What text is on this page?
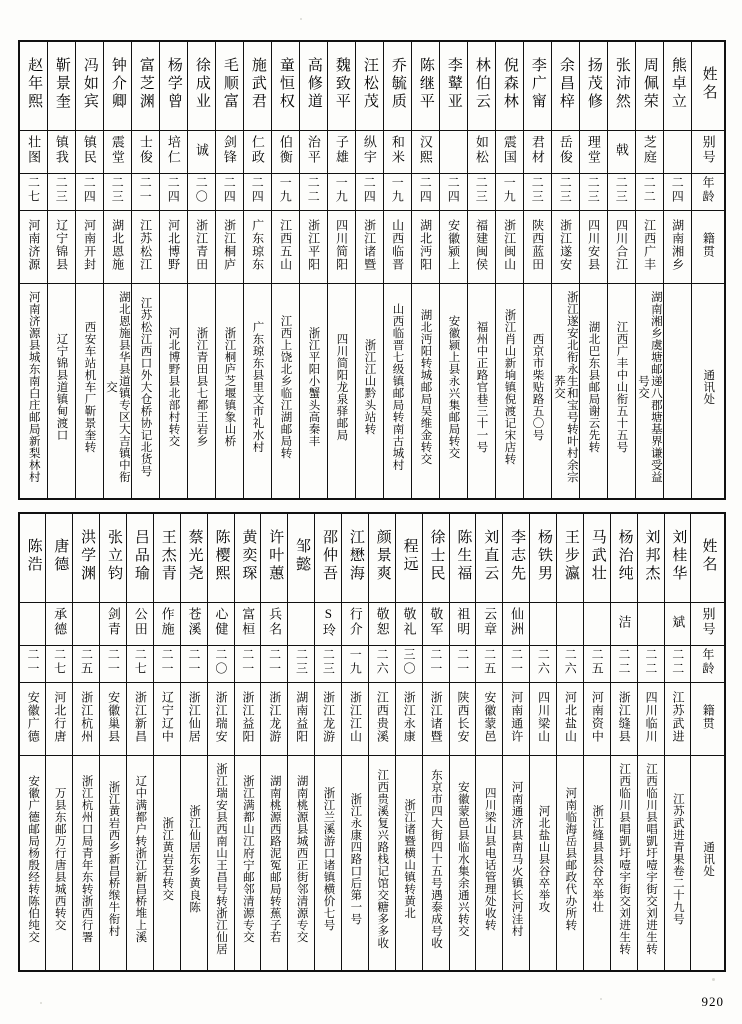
赵年熙	靳景奎	冯如宾	钟介卿	富芝渊	杨学曾	徐成业	毛顺富	施武君	童恒权	高修道	魏致平	汪松茂	乔毓质	陈继平	李鼙亚	林伯云	倪森林	李广甯	余昌梓	扬茂修	张沛然	周佩荣	熊卓立	姓名
壮图	镇我	镇民	震堂	士俊	培仁	诚	剑锋	仁政	伯衡	治平	子雄	纵宇	和米	汉熙		如松	震国	君材	岳俊	理堂	戟	芝庭		别号
二七	二三	二四	二三	二一	二四	二〇	二四	二四	一九	二二	一九	二四	一九	二四	二四	二三	一九	二三	二三	二三	二三	二二	二四	年龄
河南济源	辽宁锦县	河南开封	湖北恩施	江苏松江	河北博野	浙江青田	浙江桐庐	广东琼东	江西五山	浙江平阳	四川简阳	浙江诸暨	山西临晋	湖北沔阳	安徽颍上	福建闽侯	浙江闽山	陕西蓝田	浙江遂安	四川安县	四川合江	江西广丰	湖南湘乡	籍贯
河南济源县城东南白庄邮局新梨林村	辽宁锦县道镇甸渡口	西安车站机车厂靳景奎转	湖北恩施县华县道镇专区大吉镇中衔交	江苏松江西口外大仓桥协记北货号	河北博野县北部村转交	浙江青田县七都王岩乡	浙江桐庐芝堰镇象山桥	广东琼东县里文市礼水村	江西上饶北乡临江湖邮局转	浙江平阳小蟹头高秦丰	四川简阳龙泉驿邮局	浙江江山黔头站转	山西临晋七级镇邮局转南古城村	湖北沔阳转城邮局吴维金转交	安徽颍上县永兴集邮局转交	福州中正路官巷三十一号	浙江肖山新垧镇倪渡记宋店转	西京市柴贴路五〇号	浙江遂安北衔永生和宝号转叶村余宗荞交	湖北巴东县邮局谢云先转	江西广丰中山衔五十五号	湖南湘乡虞塘邮递八郡塘基界谦受益号交		通讯处
陈浩	唐德	洪学渊	张立钧	吕品瑜	王杰青	蔡光尧	陈樱熙	黄奕琛	许叶蕙	邹懿	邵仲吾	江懋海	颜景爽	程远	徐士民	陈生福	刘直云	李志先	杨铁男	王步瀛	马武壮	杨治纯	刘邦杰	刘桂华	姓名
	承德		剑青	公田	作施	苍溪	心健	富桓	兵名		S玲	行介	敬恕	敬礼	敬军	祖明	云章	仙洲				洁		斌	别号
二一	二七	二五	二一	二七	二一	二一	二〇	二一	二一	二三	二三	一九	二六	三〇	二一	二一	二五	二一	二六	二六	二五	二二	二二	二二	年龄
安徽广德	河北行唐	浙江杭州	安徽巢县	浙江新昌	辽宁辽中	浙江仙居	浙江瑞安	浙江益阳	浙江龙游	湖南益阳	浙江龙游	浙江江山	江西贵溪	浙江永康	浙江诸暨	陕西长安	安徽蒙邑	河南通许	四川梁山	河北盐山	河南资中	浙江缝县	四川临川	江苏武进	籍贯
安徽广德邮局杨殷经转陈伯纯交	万县东邮万行唐县城西转交	浙江杭州口局青年东转浙西行署	浙江黄岩西乡新昌桥缑牛衔村	辽中满都户转浙江新昌桥堆上溪	浙江黄岩若转交	浙江仙居东乡黄良陈	浙江瑞安县西南山王昌号转浙江仙居	浙江满都山江府宁邮邻清源专交	湖南桃源西路泥冤邮局转蕉子若	湖南桃源县城西正街邻清源专交	浙江兰溪游口诸镇横价七号	浙江永康四路口后第一号	江西贵溪复兴路栈记馆交糖多多收	浙江诸暨横山镇转黄北	东京市四大街四十五号遇泰成号收	安徽蒙邑县临水集余通兴转交	四川梁山县电话管理处收转	河南通济县南马火镇长河洼村	河北盐山县谷卒举攻	河南临海岳县邮政代办所转	浙江缝县县谷卒举壮	江西临川县唱凱圩噎宇街交刘进生转	江西临川县唱凱圩噎宇街交刘进生转	江苏武进青果卷二十九号	通讯处
920
